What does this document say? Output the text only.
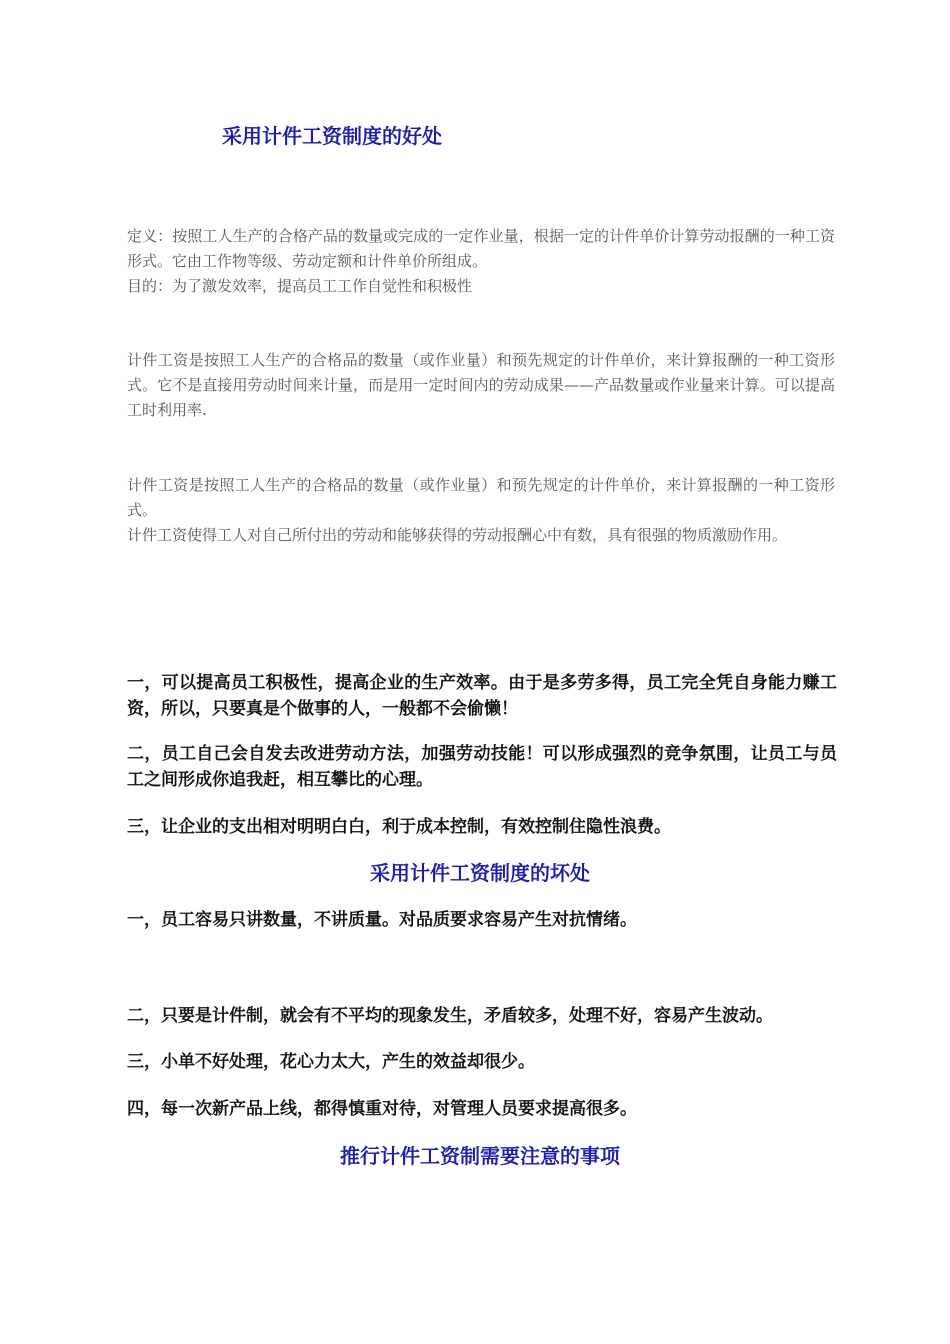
采用计件工资制度的好处
定义：按照工人生产的合格产品的数量或完成的一定作业量，根据一定的计件单价计算劳动报酬的一种工资形式。它由工作物等级、劳动定额和计件单价所组成。
目的：为了激发效率，提高员工工作自觉性和积极性
计件工资是按照工人生产的合格品的数量（或作业量）和预先规定的计件单价，来计算报酬的一种工资形式。它不是直接用劳动时间来计量，而是用一定时间内的劳动成果——产品数量或作业量来计算。可以提高工时利用率.
计件工资是按照工人生产的合格品的数量（或作业量）和预先规定的计件单价，来计算报酬的一种工资形式。
计件工资使得工人对自己所付出的劳动和能够获得的劳动报酬心中有数，具有很强的物质激励作用。
一，可以提高员工积极性，提高企业的生产效率。由于是多劳多得，员工完全凭自身能力赚工资，所以，只要真是个做事的人，一般都不会偷懒！
二，员工自己会自发去改进劳动方法，加强劳动技能！可以形成强烈的竞争氛围，让员工与员工之间形成你追我赶，相互攀比的心理。
三，让企业的支出相对明明白白，利于成本控制，有效控制住隐性浪费。
采用计件工资制度的坏处
一，员工容易只讲数量，不讲质量。对品质要求容易产生对抗情绪。
二，只要是计件制，就会有不平均的现象发生，矛盾较多，处理不好，容易产生波动。
三，小单不好处理，花心力太大，产生的效益却很少。
四，每一次新产品上线，都得慎重对待，对管理人员要求提高很多。
推行计件工资制需要注意的事项
